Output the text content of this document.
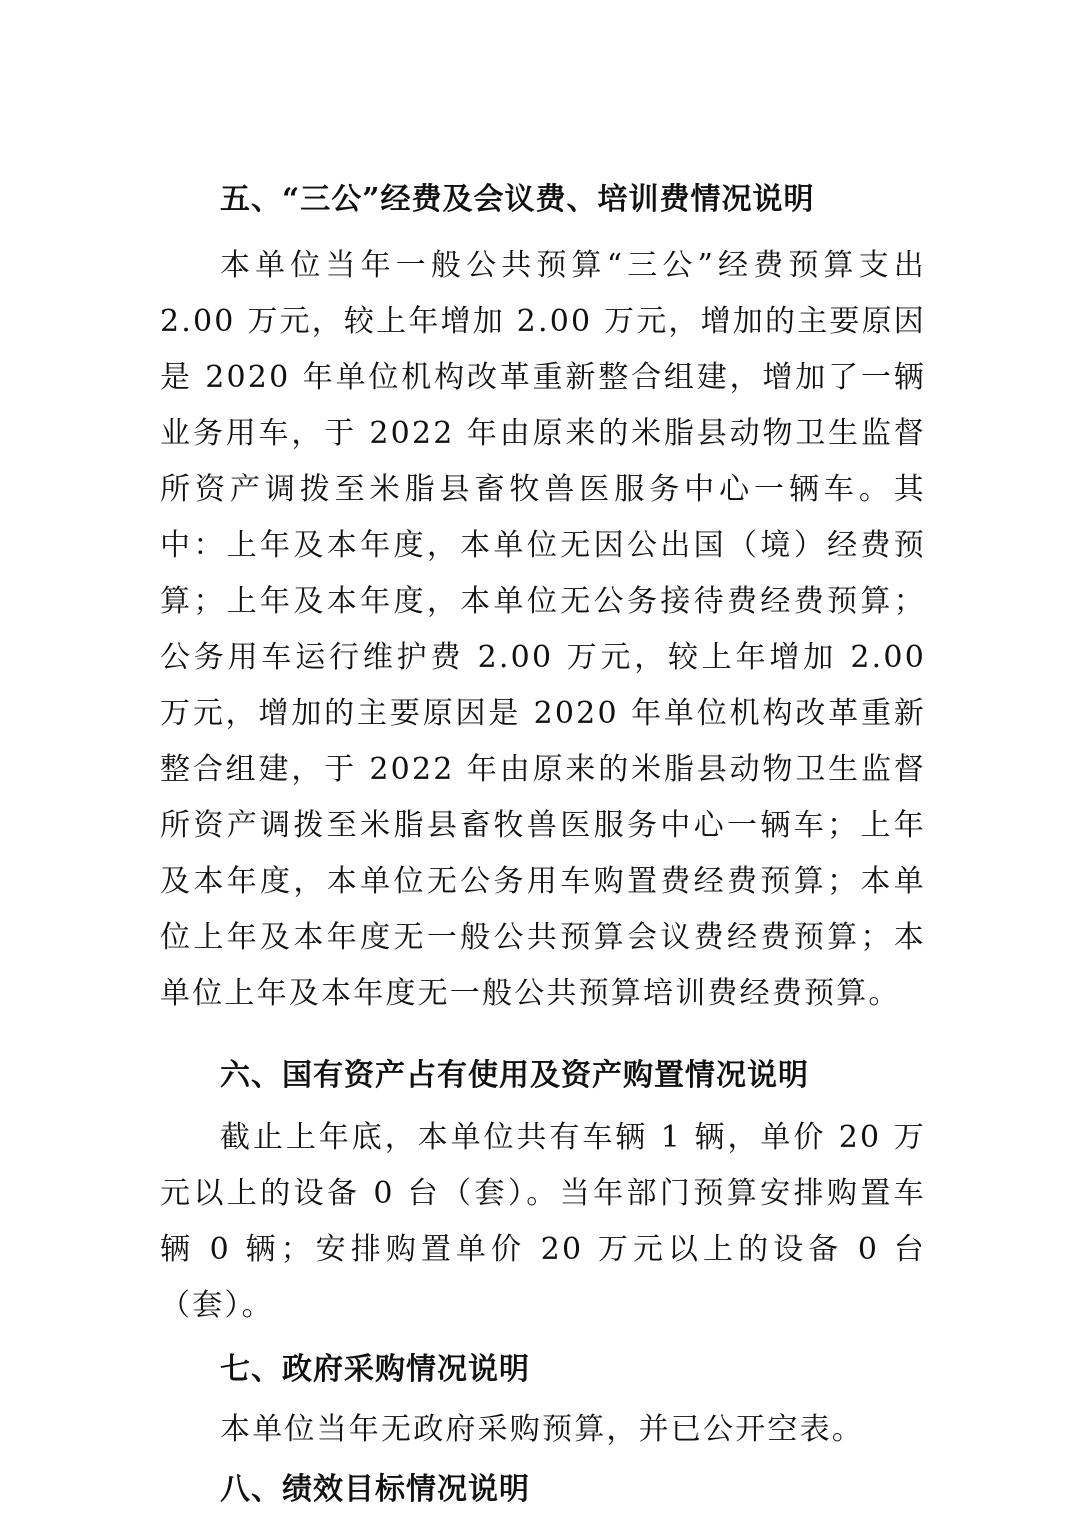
五、“三公”经费及会议费、培训费情况说明

本单位当年一般公共预算“三公”经费预算支出 2.00 万元，较上年增加 2.00 万元，增加的主要原因是 2020 年单位机构改革重新整合组建，增加了一辆业务用车，于 2022 年由原来的米脂县动物卫生监督所资产调拨至米脂县畜牧兽医服务中心一辆车。其中：上年及本年度，本单位无因公出国（境）经费预算；上年及本年度，本单位无公务接待费经费预算；公务用车运行维护费 2.00 万元，较上年增加 2.00 万元，增加的主要原因是 2020 年单位机构改革重新整合组建，于 2022 年由原来的米脂县动物卫生监督所资产调拨至米脂县畜牧兽医服务中心一辆车；上年及本年度，本单位无公务用车购置费经费预算；本单位上年及本年度无一般公共预算会议费经费预算；本单位上年及本年度无一般公共预算培训费经费预算。

六、国有资产占有使用及资产购置情况说明

截止上年底，本单位共有车辆 1 辆，单价 20 万元以上的设备 0 台（套）。当年部门预算安排购置车辆 0 辆；安排购置单价 20 万元以上的设备 0 台（套）。

七、政府采购情况说明

本单位当年无政府采购预算，并已公开空表。

八、绩效目标情况说明
